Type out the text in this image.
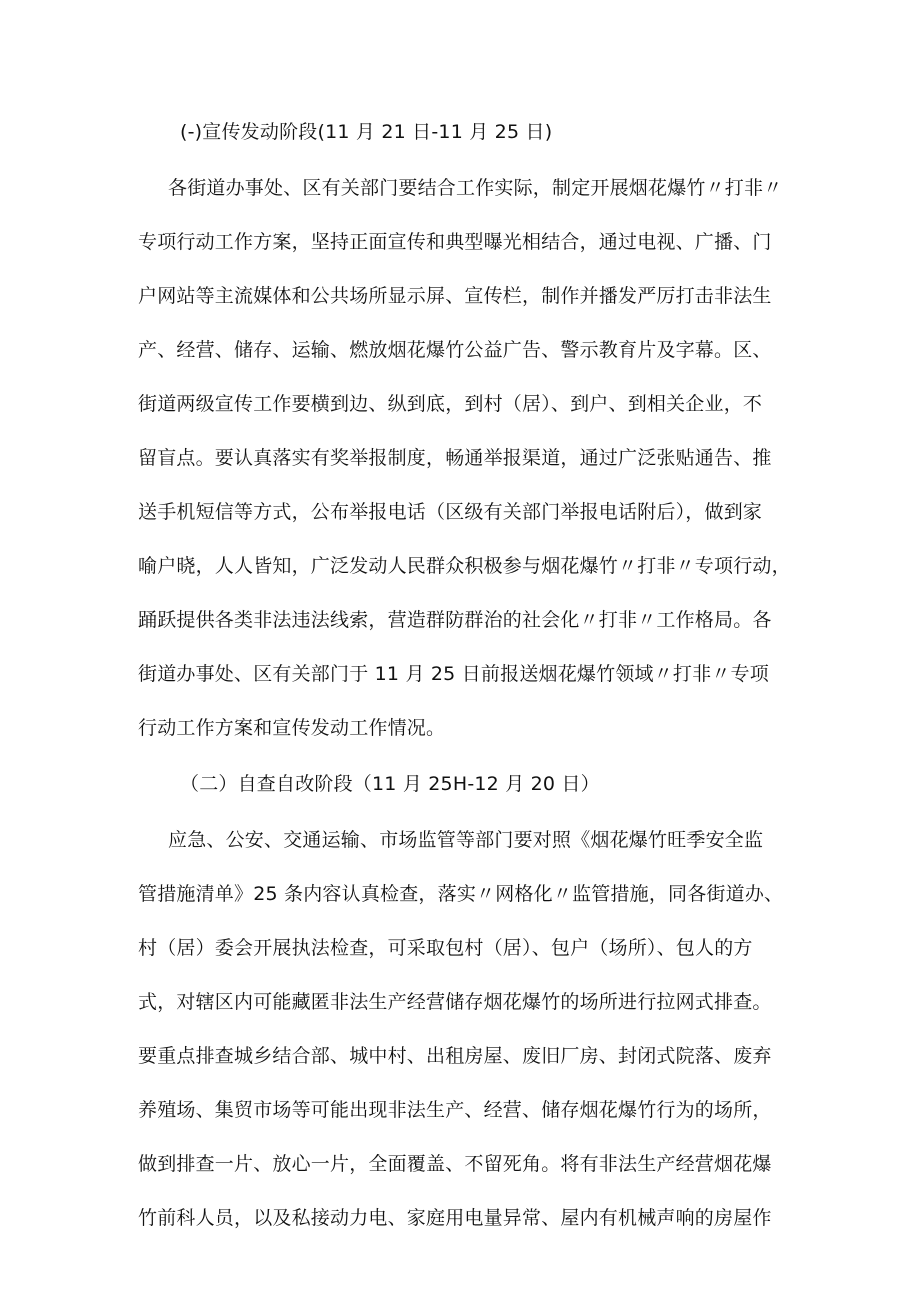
(-)宣传发动阶段(11 月 21 日-11 月 25 日)
各街道办事处、区有关部门要结合工作实际，制定开展烟花爆竹〃打非〃
专项行动工作方案，坚持正面宣传和典型曝光相结合，通过电视、广播、门
户网站等主流媒体和公共场所显示屏、宣传栏，制作并播发严厉打击非法生
产、经营、储存、运输、燃放烟花爆竹公益广告、警示教育片及字幕。区、
街道两级宣传工作要横到边、纵到底，到村（居）、到户、到相关企业，不
留盲点。要认真落实有奖举报制度，畅通举报渠道，通过广泛张贴通告、推
送手机短信等方式，公布举报电话（区级有关部门举报电话附后），做到家
喻户晓，人人皆知，广泛发动人民群众积极参与烟花爆竹〃打非〃专项行动，
踊跃提供各类非法违法线索，营造群防群治的社会化〃打非〃工作格局。各
街道办事处、区有关部门于 11 月 25 日前报送烟花爆竹领域〃打非〃专项
行动工作方案和宣传发动工作情况。
（二）自查自改阶段（11 月 25H-12 月 20 日）
应急、公安、交通运输、市场监管等部门要对照《烟花爆竹旺季安全监
管措施清单》25 条内容认真检查，落实〃网格化〃监管措施，同各街道办、
村（居）委会开展执法检查，可采取包村（居）、包户（场所）、包人的方
式，对辖区内可能藏匿非法生产经营储存烟花爆竹的场所进行拉网式排查。
要重点排查城乡结合部、城中村、出租房屋、废旧厂房、封闭式院落、废弃
养殖场、集贸市场等可能出现非法生产、经营、储存烟花爆竹行为的场所，
做到排查一片、放心一片，全面覆盖、不留死角。将有非法生产经营烟花爆
竹前科人员，以及私接动力电、家庭用电量异常、屋内有机械声响的房屋作
